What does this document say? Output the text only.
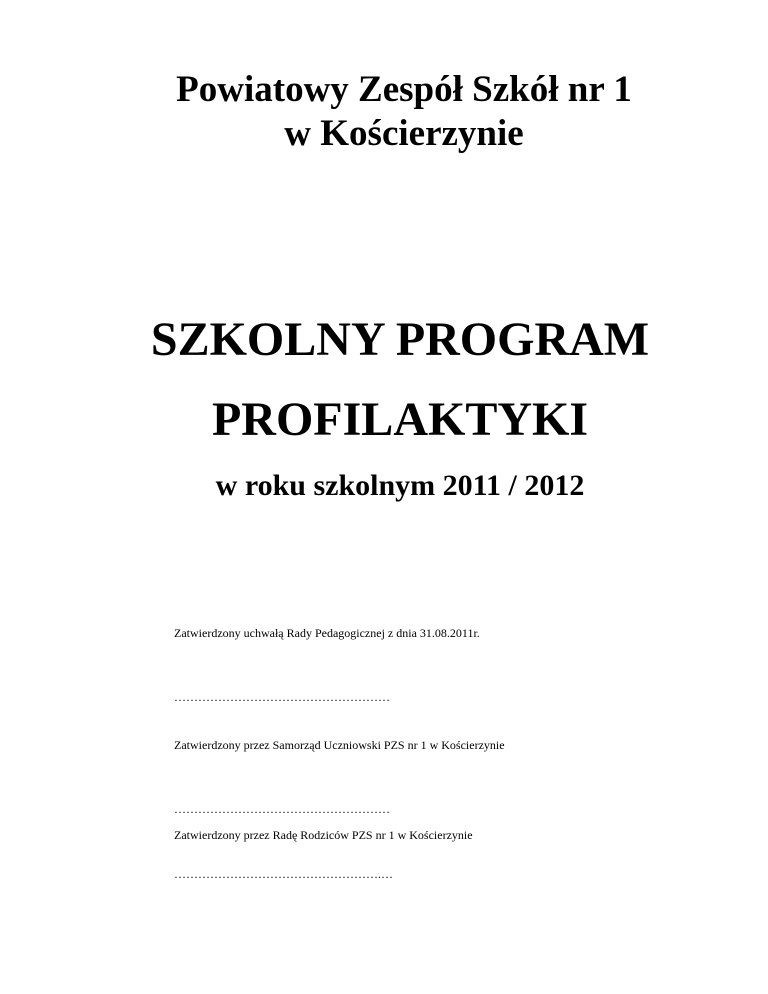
Powiatowy Zespół Szkół nr 1
w Kościerzynie
SZKOLNY PROGRAM
PROFILAKTYKI
w roku szkolnym 2011 / 2012
Zatwierdzony uchwałą Rady Pedagogicznej z dnia 31.08.2011r.
………………………………………………
Zatwierdzony przez Samorząd Uczniowski PZS nr 1 w Kościerzynie
………………………………………………
Zatwierdzony przez Radę Rodziców PZS nr 1 w Kościerzynie
…………………………………………….…
